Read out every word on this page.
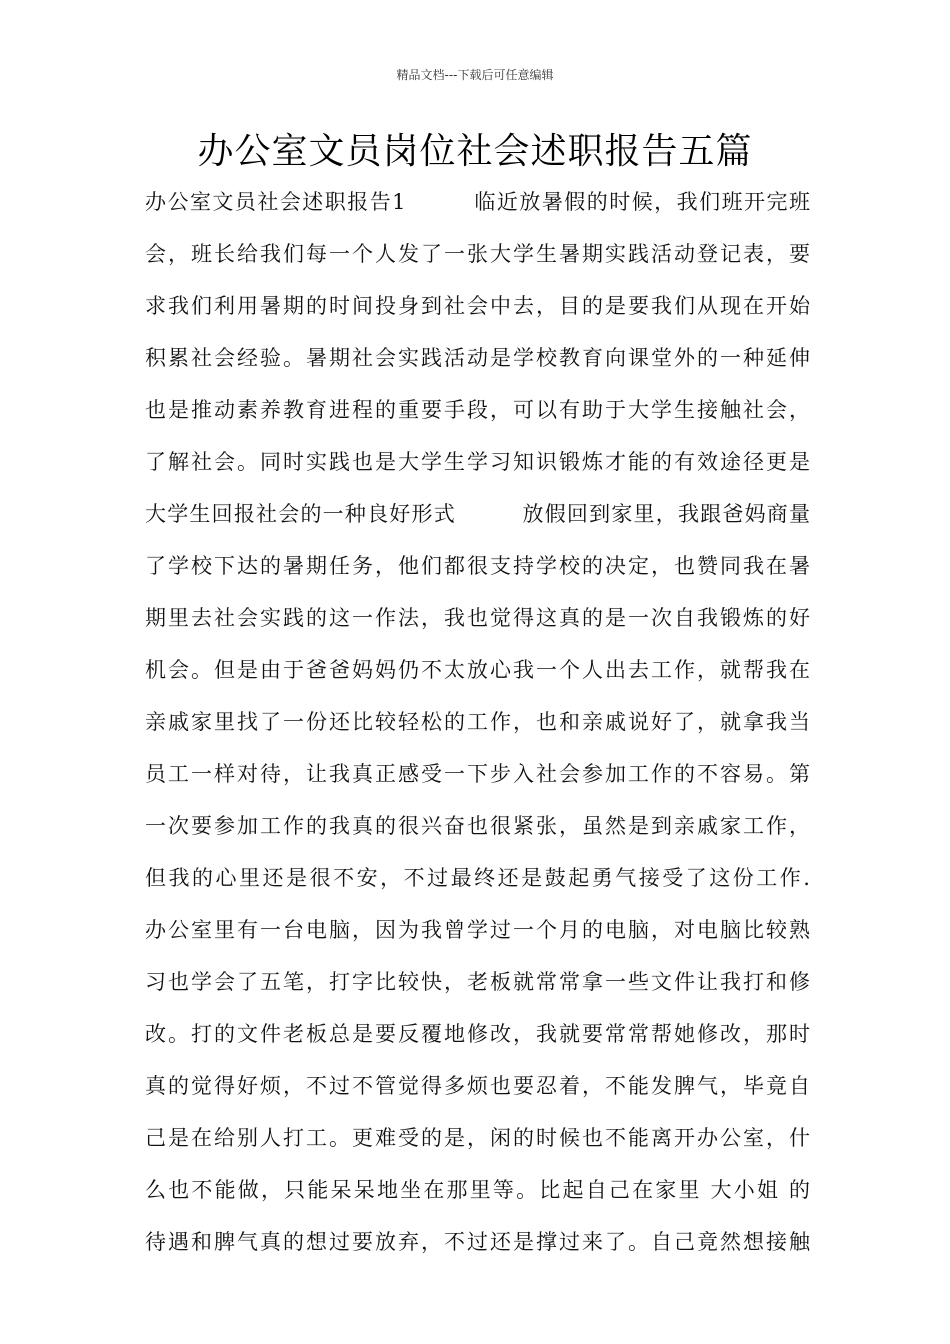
精品文档---下载后可任意编辑
办公室文员岗位社会述职报告五篇
办公室文员社会述职报告1　　　临近放暑假的时候，我们班开完班
会，班长给我们每一个人发了一张大学生暑期实践活动登记表，要
求我们利用暑期的时间投身到社会中去，目的是要我们从现在开始
积累社会经验。暑期社会实践活动是学校教育向课堂外的一种延伸
也是推动素养教育进程的重要手段，可以有助于大学生接触社会，
了解社会。同时实践也是大学生学习知识锻炼才能的有效途径更是
大学生回报社会的一种良好形式　　　放假回到家里，我跟爸妈商量
了学校下达的暑期任务，他们都很支持学校的决定，也赞同我在暑
期里去社会实践的这一作法，我也觉得这真的是一次自我锻炼的好
机会。但是由于爸爸妈妈仍不太放心我一个人出去工作，就帮我在
亲戚家里找了一份还比较轻松的工作，也和亲戚说好了，就拿我当
员工一样对待，让我真正感受一下步入社会参加工作的不容易。第
一次要参加工作的我真的很兴奋也很紧张，虽然是到亲戚家工作，
但我的心里还是很不安，不过最终还是鼓起勇气接受了这份工作.
办公室里有一台电脑，因为我曾学过一个月的电脑，对电脑比较熟
习也学会了五笔，打字比较快，老板就常常拿一些文件让我打和修
改。打的文件老板总是要反覆地修改，我就要常常帮她修改，那时
真的觉得好烦，不过不管觉得多烦也要忍着，不能发脾气，毕竟自
己是在给别人打工。更难受的是，闲的时候也不能离开办公室，什
么也不能做，只能呆呆地坐在那里等。比起自己在家里 大小姐 的
待遇和脾气真的想过要放弃，不过还是撑过来了。自己竟然想接触
